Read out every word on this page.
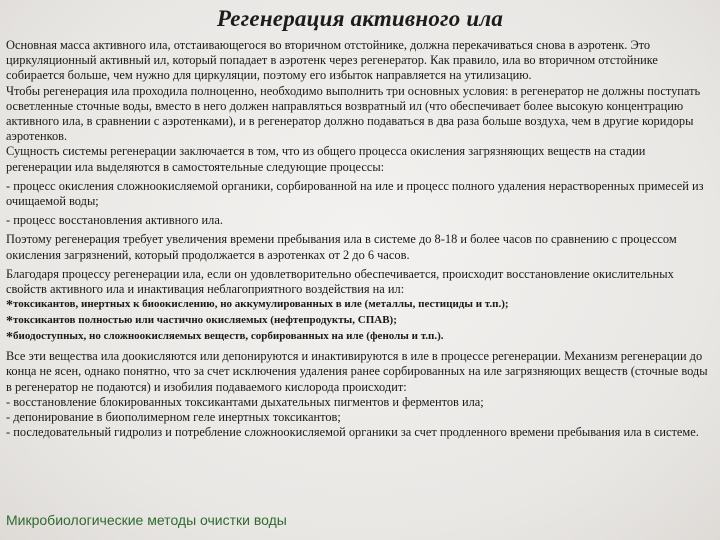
Регенерация активного ила

Основная масса активного ила, отстаивающегося во вторичном отстойнике, должна перекачиваться снова в аэротенк. Это циркуляционный активный ил, который попадает в аэротенк через регенератор. Как правило, ила во вторичном отстойнике собирается больше, чем нужно для циркуляции, поэтому его избыток направляется на утилизацию.

Чтобы регенерация ила проходила полноценно, необходимо выполнить три основных условия: в регенератор не должны поступать осветленные сточные воды, вместо в него должен направляться возвратный ил (что обеспечивает более высокую концентрацию активного ила, в сравнении с аэротенками), и в регенератор должно подаваться в два раза больше воздуха, чем в другие коридоры аэротенков.

Сущность системы регенерации заключается в том, что из общего процесса окисления загрязняющих веществ на стадии регенерации ила выделяются в самостоятельные следующие процессы:

- процесс окисления сложноокисляемой органики, сорбированной на иле и процесс полного удаления нерастворенных примесей из очищаемой воды;

- процесс восстановления активного ила.

Поэтому регенерация требует увеличения времени пребывания ила в системе до 8-18 и более часов по сравнению с процессом окисления загрязнений, который продолжается в аэротенках от 2 до 6 часов.

Благодаря процессу регенерации ила, если он удовлетворительно обеспечивается, происходит восстановление окислительных свойств активного ила и инактивация неблагоприятного воздействия на ил:

*токсикантов, инертных к биоокислению, но аккумулированных в иле (металлы, пестициды и т.п.);

*токсикантов полностью или частично окисляемых (нефтепродукты, СПАВ);

*биодоступных, но сложноокисляемых веществ, сорбированных на иле (фенолы и т.п.).

Все эти вещества ила доокисляются или депонируются и инактивируются в иле в процессе регенерации. Механизм регенерации до конца не ясен, однако понятно, что за счет исключения удаления ранее сорбированных на иле загрязняющих веществ (сточные воды в регенератор не подаются) и изобилия подаваемого кислорода происходит:

- восстановление блокированных токсикантами дыхательных пигментов и ферментов ила;

- депонирование в биополимерном геле инертных токсикантов;

- последовательный гидролиз и потребление сложноокисляемой органики за счет продленного времени пребывания ила в системе.

Микробиологические методы очистки воды
